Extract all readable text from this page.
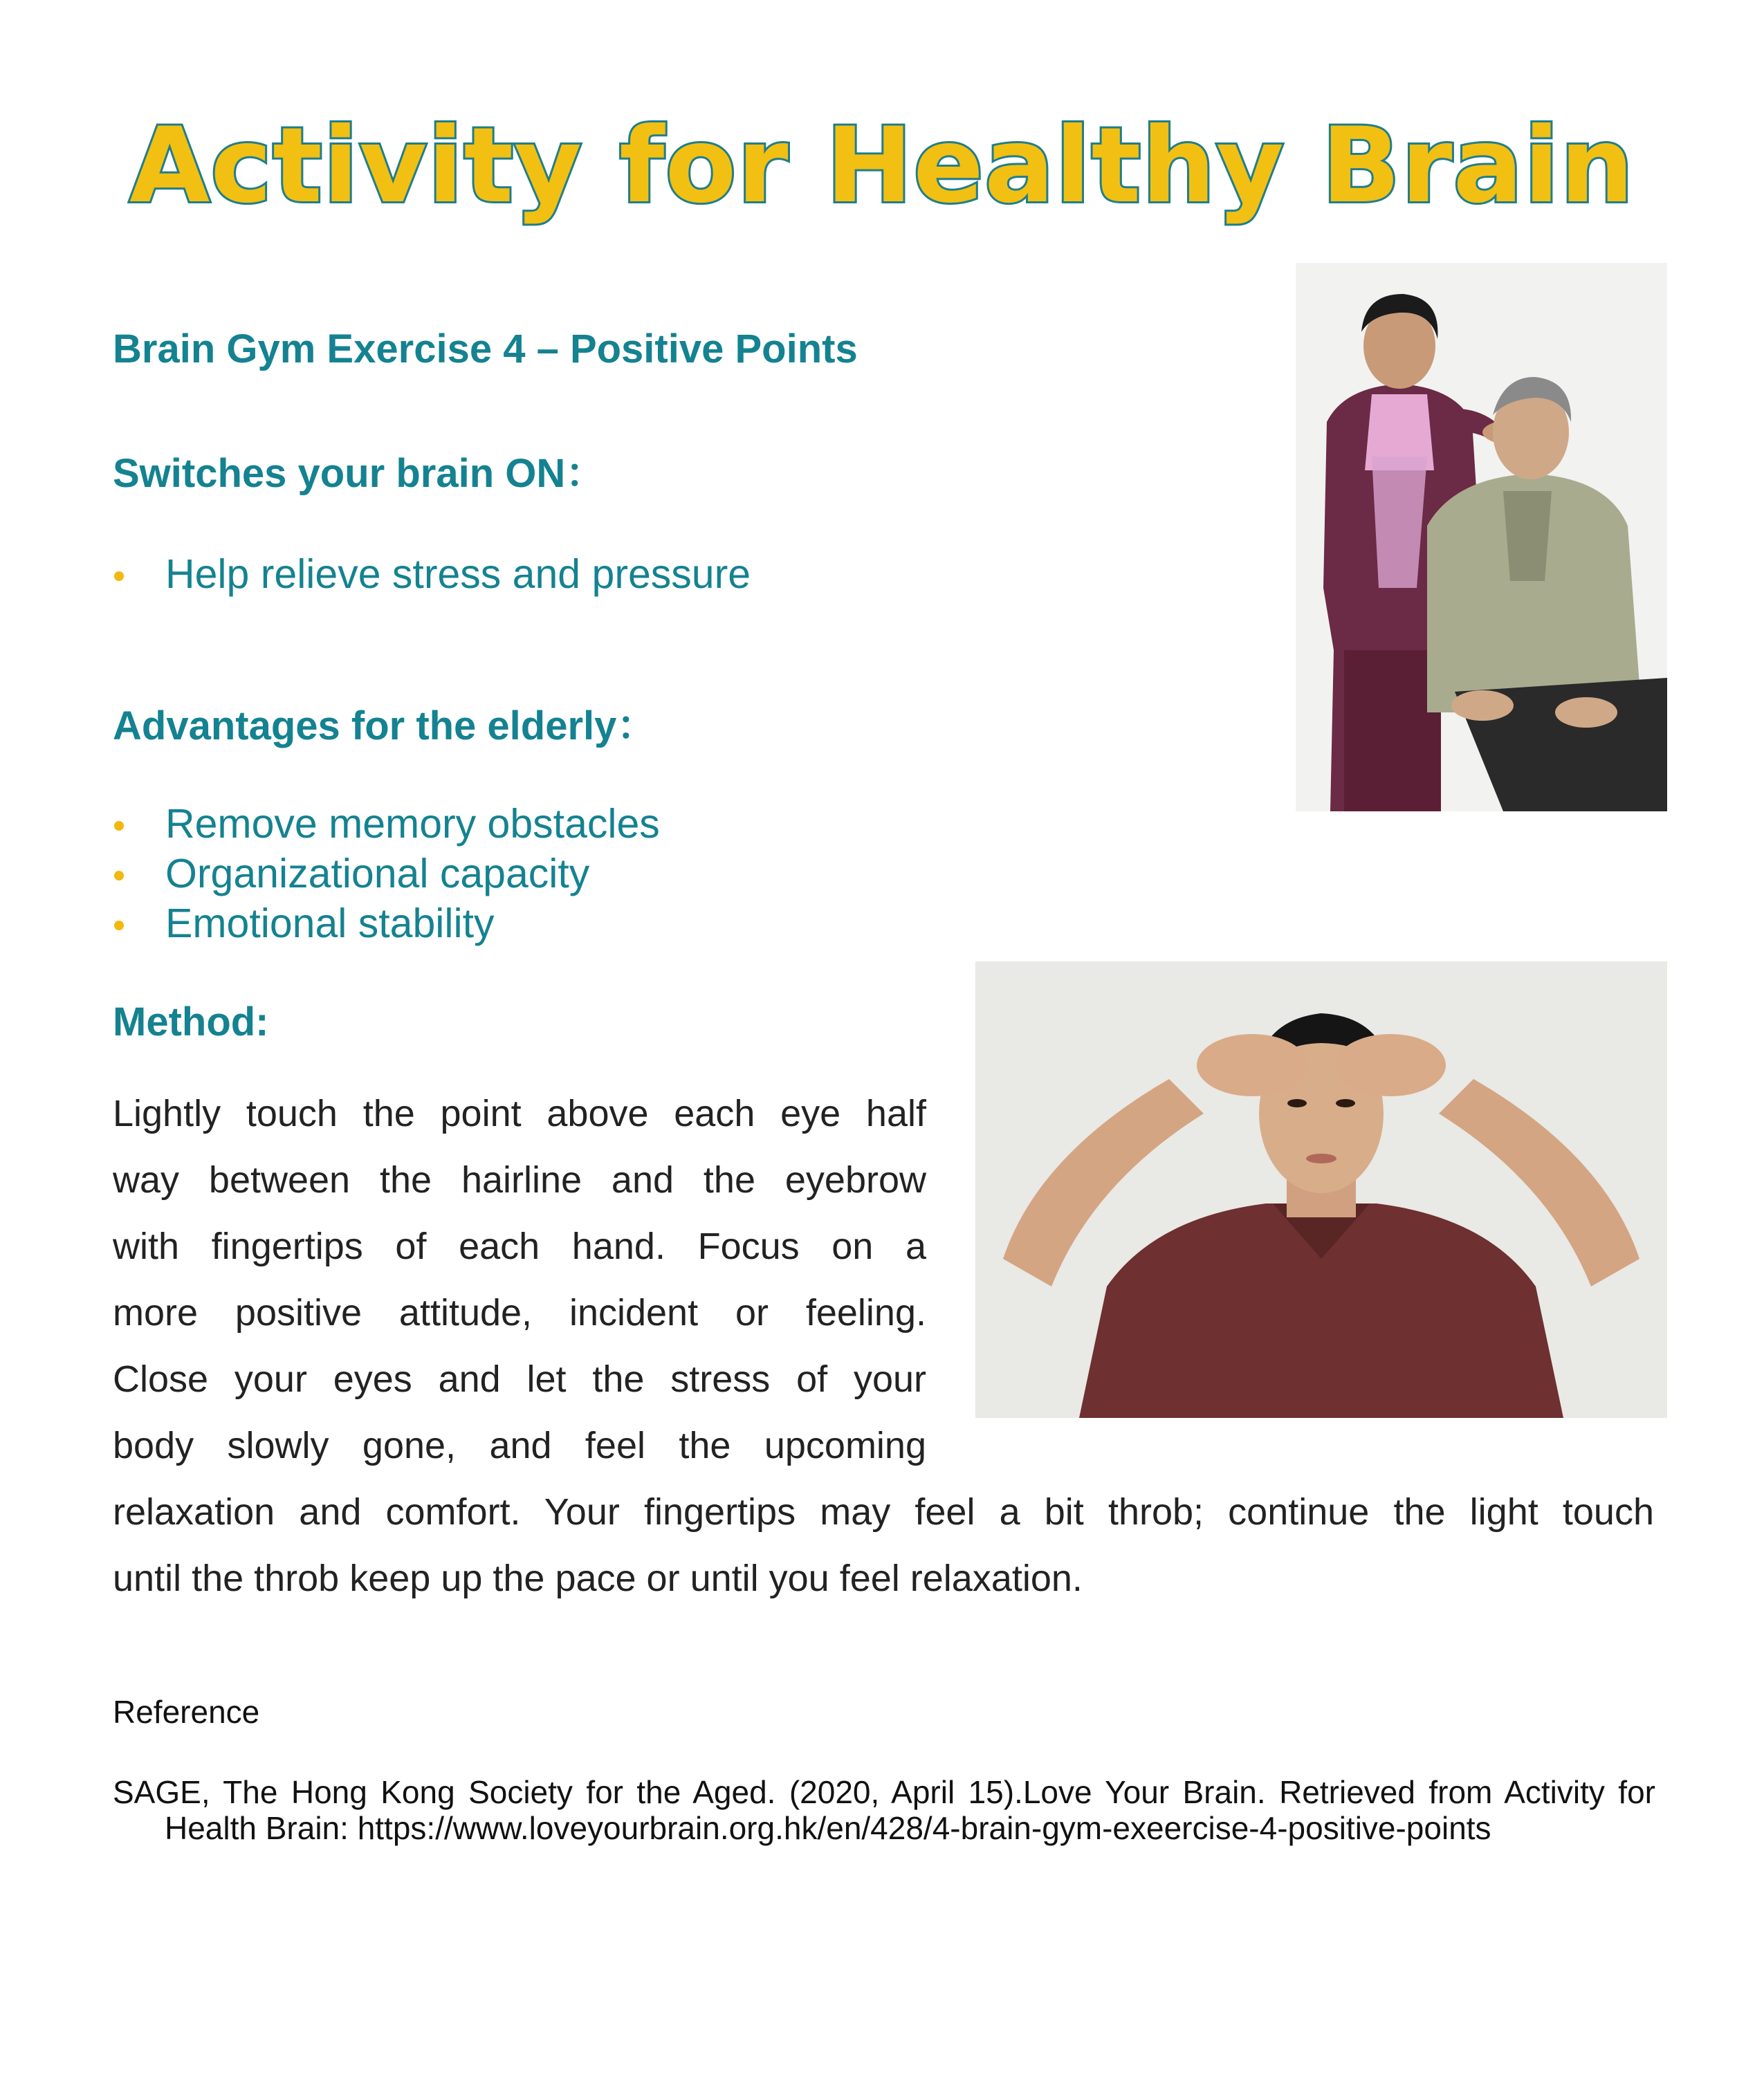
Activity for Healthy Brain
Brain Gym Exercise 4 – Positive Points
Switches your brain ON：
Help relieve stress and pressure
Advantages for the elderly：
Remove memory obstacles
Organizational capacity
Emotional stability
Method:
Lightly touch the point above each eye half
way between the hairline and the eyebrow
with fingertips of each hand. Focus on a
more positive attitude, incident or feeling.
Close your eyes and let the stress of your
body slowly gone, and feel the upcoming
relaxation and comfort. Your fingertips may feel a bit throb; continue the light touch
until the throb keep up the pace or until you feel relaxation.
Reference
SAGE, The Hong Kong Society for the Aged. (2020, April 15).Love Your Brain. Retrieved from Activity for Health Brain: https://www.loveyourbrain.org.hk/en/428/4-brain-gym-exeercise-4-positive-points
